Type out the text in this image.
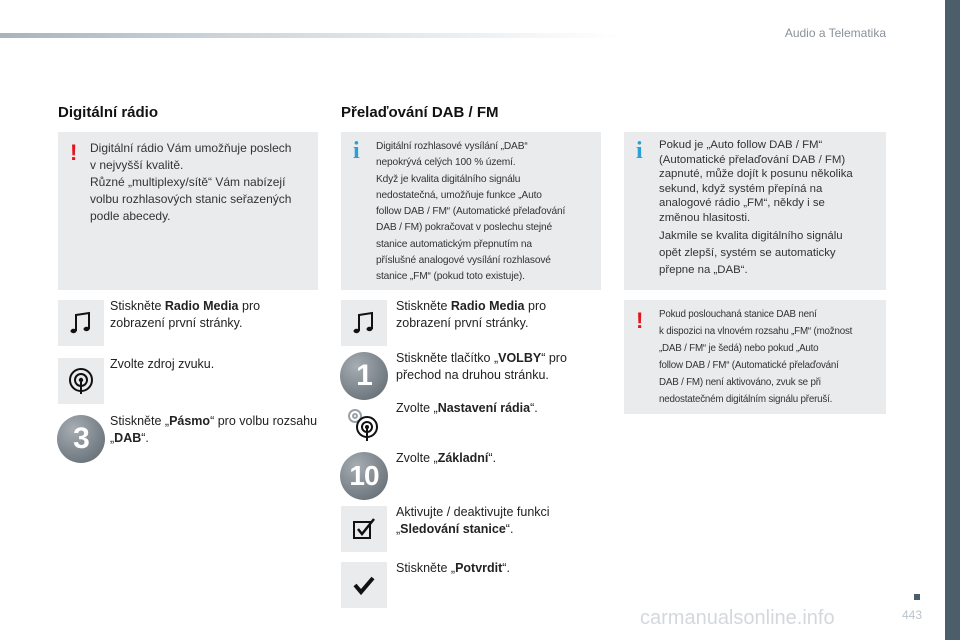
Audio a Telematika
Digitální rádio
! Digitální rádio Vám umožňuje poslech
v nejvyšší kvalitě.
Různé „multiplexy/sítě“ Vám nabízejí
volbu rozhlasových stanic seřazených
podle abecedy.
Stiskněte Radio Media pro zobrazení první stránky.
Zvolte zdroj zvuku.
3
Stiskněte „Pásmo“ pro volbu rozsahu „DAB“.
Přelaďování DAB / FM
i Digitální rozhlasové vysílání „DAB“
nepokrývá celých 100 % území.
Když je kvalita digitálního signálu
nedostatečná, umožňuje funkce „Auto
follow DAB / FM“ (Automatické přelaďování
DAB / FM) pokračovat v poslechu stejné
stanice automatickým přepnutím na
příslušné analogové vysílání rozhlasové
stanice „FM“ (pokud toto existuje).
Stiskněte Radio Media pro zobrazení první stránky.
1
Stiskněte tlačítko „VOLBY“ pro přechod na druhou stránku.
Zvolte „Nastavení rádia“.
10
Zvolte „Základní“.
Aktivujte / deaktivujte funkci „Sledování stanice“.
Stiskněte „Potvrdit“.
i Pokud je „Auto follow DAB / FM“
(Automatické přelaďování DAB / FM)
zapnuté, může dojít k posunu několika
sekund, když systém přepíná na
analogové rádio „FM“, někdy i se
změnou hlasitosti.
Jakmile se kvalita digitálního signálu
opět zlepší, systém se automaticky
přepne na „DAB“.
! Pokud poslouchaná stanice DAB není
k dispozici na vlnovém rozsahu „FM“ (možnost
„DAB / FM“ je šedá) nebo pokud „Auto
follow DAB / FM“ (Automatické přelaďování
DAB / FM) není aktivováno, zvuk se při
nedostatečném digitálním signálu přeruší.
443
carmanualsonline.info
